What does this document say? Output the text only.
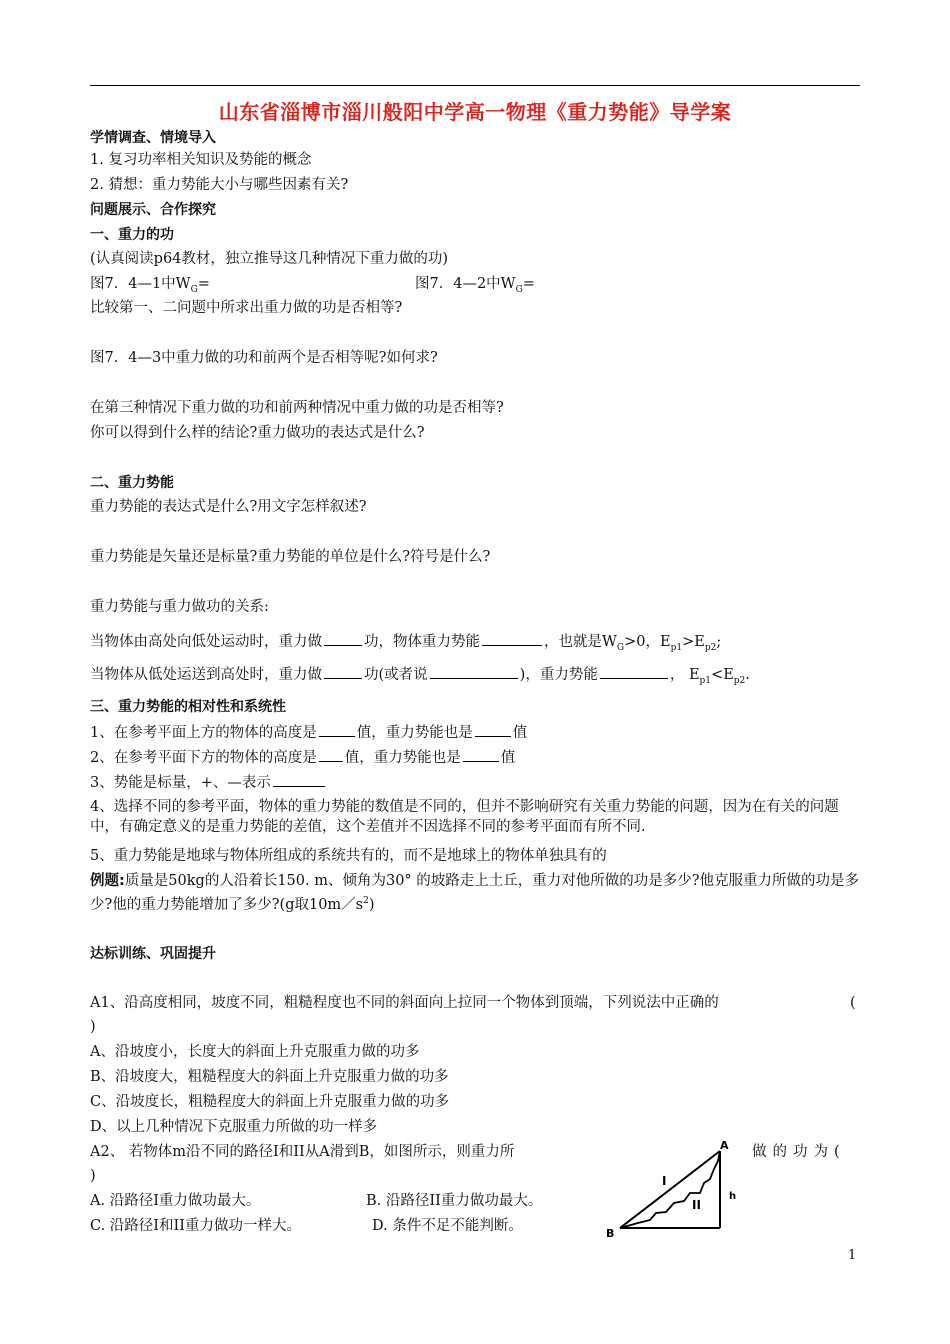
山东省淄博市淄川般阳中学高一物理《重力势能》导学案
学情调查、情境导入
1. 复习功率相关知识及势能的概念
2. 猜想：重力势能大小与哪些因素有关?
问题展示、合作探究
一、重力的功
(认真阅读p64教材，独立推导这几种情况下重力做的功)
图7．4—1中$W_G=$	图7．4—2中$W_G=$
比较第一、二问题中所求出重力做的功是否相等?
图7．4—3中重力做的功和前两个是否相等呢?如何求?
在第三种情况下重力做的功和前两种情况中重力做的功是否相等?
你可以得到什么样的结论?重力做功的表达式是什么?
二、重力势能
重力势能的表达式是什么?用文字怎样叙述?
重力势能是矢量还是标量?重力势能的单位是什么?符号是什么?
重力势能与重力做功的关系:
当物体由高处向低处运动时，重力做	功，物体重力势能	，也就是$W_G>0$，$E_{p1}>E_{p2}$;
当物体从低处运送到高处时，重力做	功(或者说	)，重力势能	， $E_{p1}<E_{p2}$.
三、重力势能的相对性和系统性
1、在参考平面上方的物体的高度是	值，重力势能也是	值
2、在参考平面下方的物体的高度是 值，重力势能也是	值
3、势能是标量，+、—表示
4、选择不同的参考平面，物体的重力势能的数值是不同的，但并不影响研究有关重力势能的问题，因为在有关的问题中，有确定意义的是重力势能的差值，这个差值并不因选择不同的参考平面而有所不同.
5、重力势能是地球与物体所组成的系统共有的，而不是地球上的物体单独具有的
例题:质量是50kg的人沿着长150. m、倾角为30° 的坡路走上土丘，重力对他所做的功是多少?他克服重力所做的功是多少?他的重力势能增加了多少?(g取$10m/s^2$)
达标训练、巩固提升
A1、沿高度相同，坡度不同，粗糙程度也不同的斜面向上拉同一个物体到顶端，下列说法中正确的	(
)
A、沿坡度小，长度大的斜面上升克服重力做的功多
B、沿坡度大，粗糙程度大的斜面上升克服重力做的功多
C、沿坡度长，粗糙程度大的斜面上升克服重力做的功多
D、以上几种情况下克服重力所做的功一样多
A2、 若物体m沿不同的路径I和II从A滑到B，如图所示，则重力所	做的功为(
)
A. 沿路径I重力做功最大。	B. 沿路径II重力做功最大。
C. 沿路径I和II重力做功一样大。	D. 条件不足不能判断。
A
B
I
II
h
1
